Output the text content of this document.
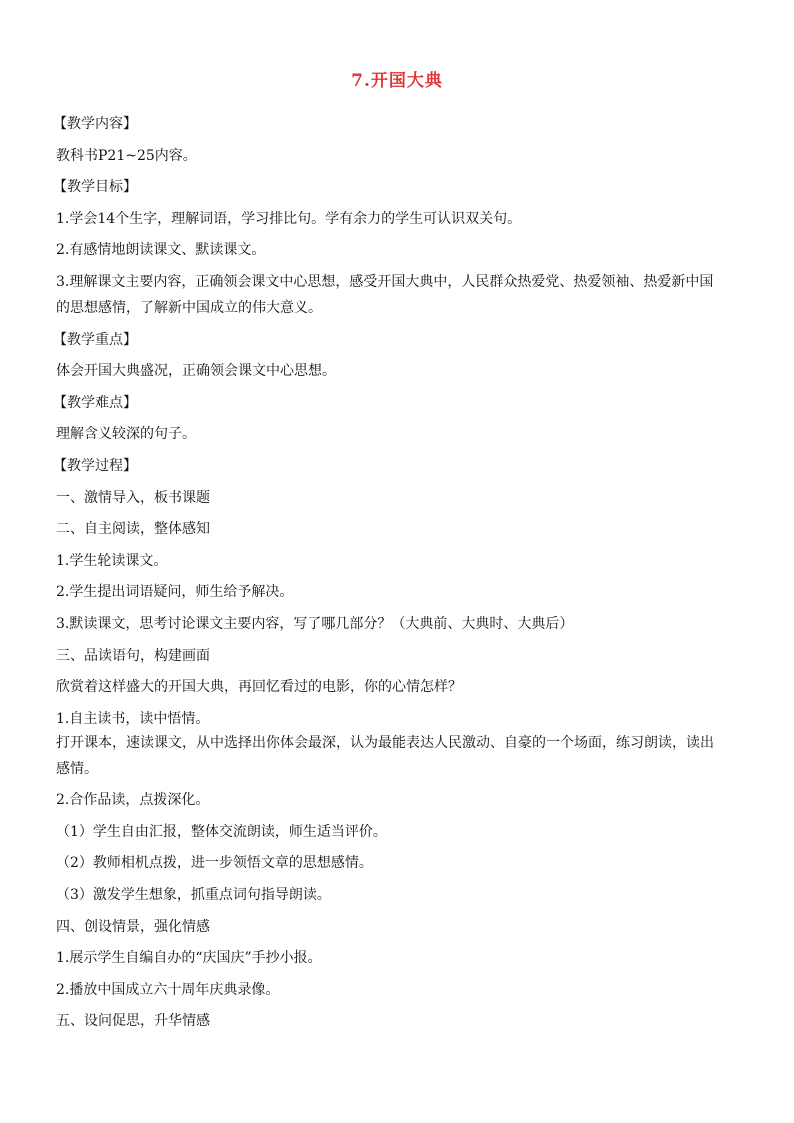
7.开国大典
【教学内容】
教科书P21~25内容。
【教学目标】
1.学会14个生字，理解词语，学习排比句。学有余力的学生可认识双关句。
2.有感情地朗读课文、默读课文。
3.理解课文主要内容，正确领会课文中心思想，感受开国大典中，人民群众热爱党、热爱领袖、热爱新中国的思想感情，了解新中国成立的伟大意义。
【教学重点】
体会开国大典盛况，正确领会课文中心思想。
【教学难点】
理解含义较深的句子。
【教学过程】
一、激情导入，板书课题
二、自主阅读，整体感知
1.学生轮读课文。
2.学生提出词语疑问，师生给予解决。
3.默读课文，思考讨论课文主要内容，写了哪几部分？（大典前、大典时、大典后）
三、品读语句，构建画面
欣赏着这样盛大的开国大典，再回忆看过的电影，你的心情怎样？
1.自主读书，读中悟情。
打开课本，速读课文，从中选择出你体会最深，认为最能表达人民激动、自豪的一个场面，练习朗读，读出感情。
2.合作品读，点拨深化。
（1）学生自由汇报，整体交流朗读，师生适当评价。
（2）教师相机点拨，进一步领悟文章的思想感情。
（3）激发学生想象，抓重点词句指导朗读。
四、创设情景，强化情感
1.展示学生自编自办的“庆国庆”手抄小报。
2.播放中国成立六十周年庆典录像。
五、设问促思，升华情感
